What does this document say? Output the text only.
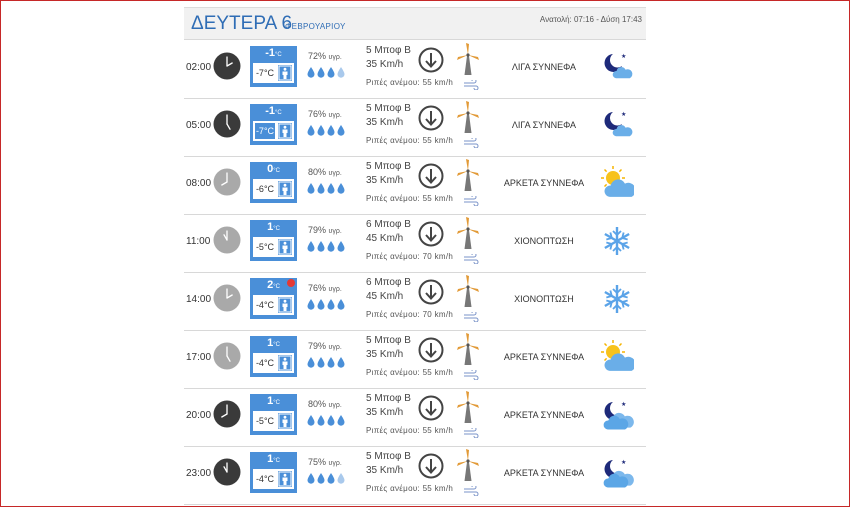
ΔΕΥΤΕΡΑ 6
ΦΕΒΡΟΥΑΡΙΟΥ
Ανατολή: 07:16 - Δύση 17:43
02:00
-1°C
-7°C
72% υγρ.
5 Μποφ Β
35 Km/h
Ριπές ανέμου: 55 km/h
ΛΙΓΑ ΣΥΝΝΕΦΑ
★
05:00
-1°C
-7°C
76% υγρ.
5 Μποφ Β
35 Km/h
Ριπές ανέμου: 55 km/h
ΛΙΓΑ ΣΥΝΝΕΦΑ
★
08:00
0°C
-6°C
80% υγρ.
5 Μποφ Β
35 Km/h
Ριπές ανέμου: 55 km/h
ΑΡΚΕΤΑ ΣΥΝΝΕΦΑ
11:00
1°C
-5°C
79% υγρ.
6 Μποφ Β
45 Km/h
Ριπές ανέμου: 70 km/h
ΧΙΟΝΟΠΤΩΣΗ
14:00
2°C
-4°C
76% υγρ.
6 Μποφ Β
45 Km/h
Ριπές ανέμου: 70 km/h
ΧΙΟΝΟΠΤΩΣΗ
17:00
1°C
-4°C
79% υγρ.
5 Μποφ Β
35 Km/h
Ριπές ανέμου: 55 km/h
ΑΡΚΕΤΑ ΣΥΝΝΕΦΑ
20:00
1°C
-5°C
80% υγρ.
5 Μποφ Β
35 Km/h
Ριπές ανέμου: 55 km/h
ΑΡΚΕΤΑ ΣΥΝΝΕΦΑ
★
23:00
1°C
-4°C
75% υγρ.
5 Μποφ Β
35 Km/h
Ριπές ανέμου: 55 km/h
ΑΡΚΕΤΑ ΣΥΝΝΕΦΑ
★
